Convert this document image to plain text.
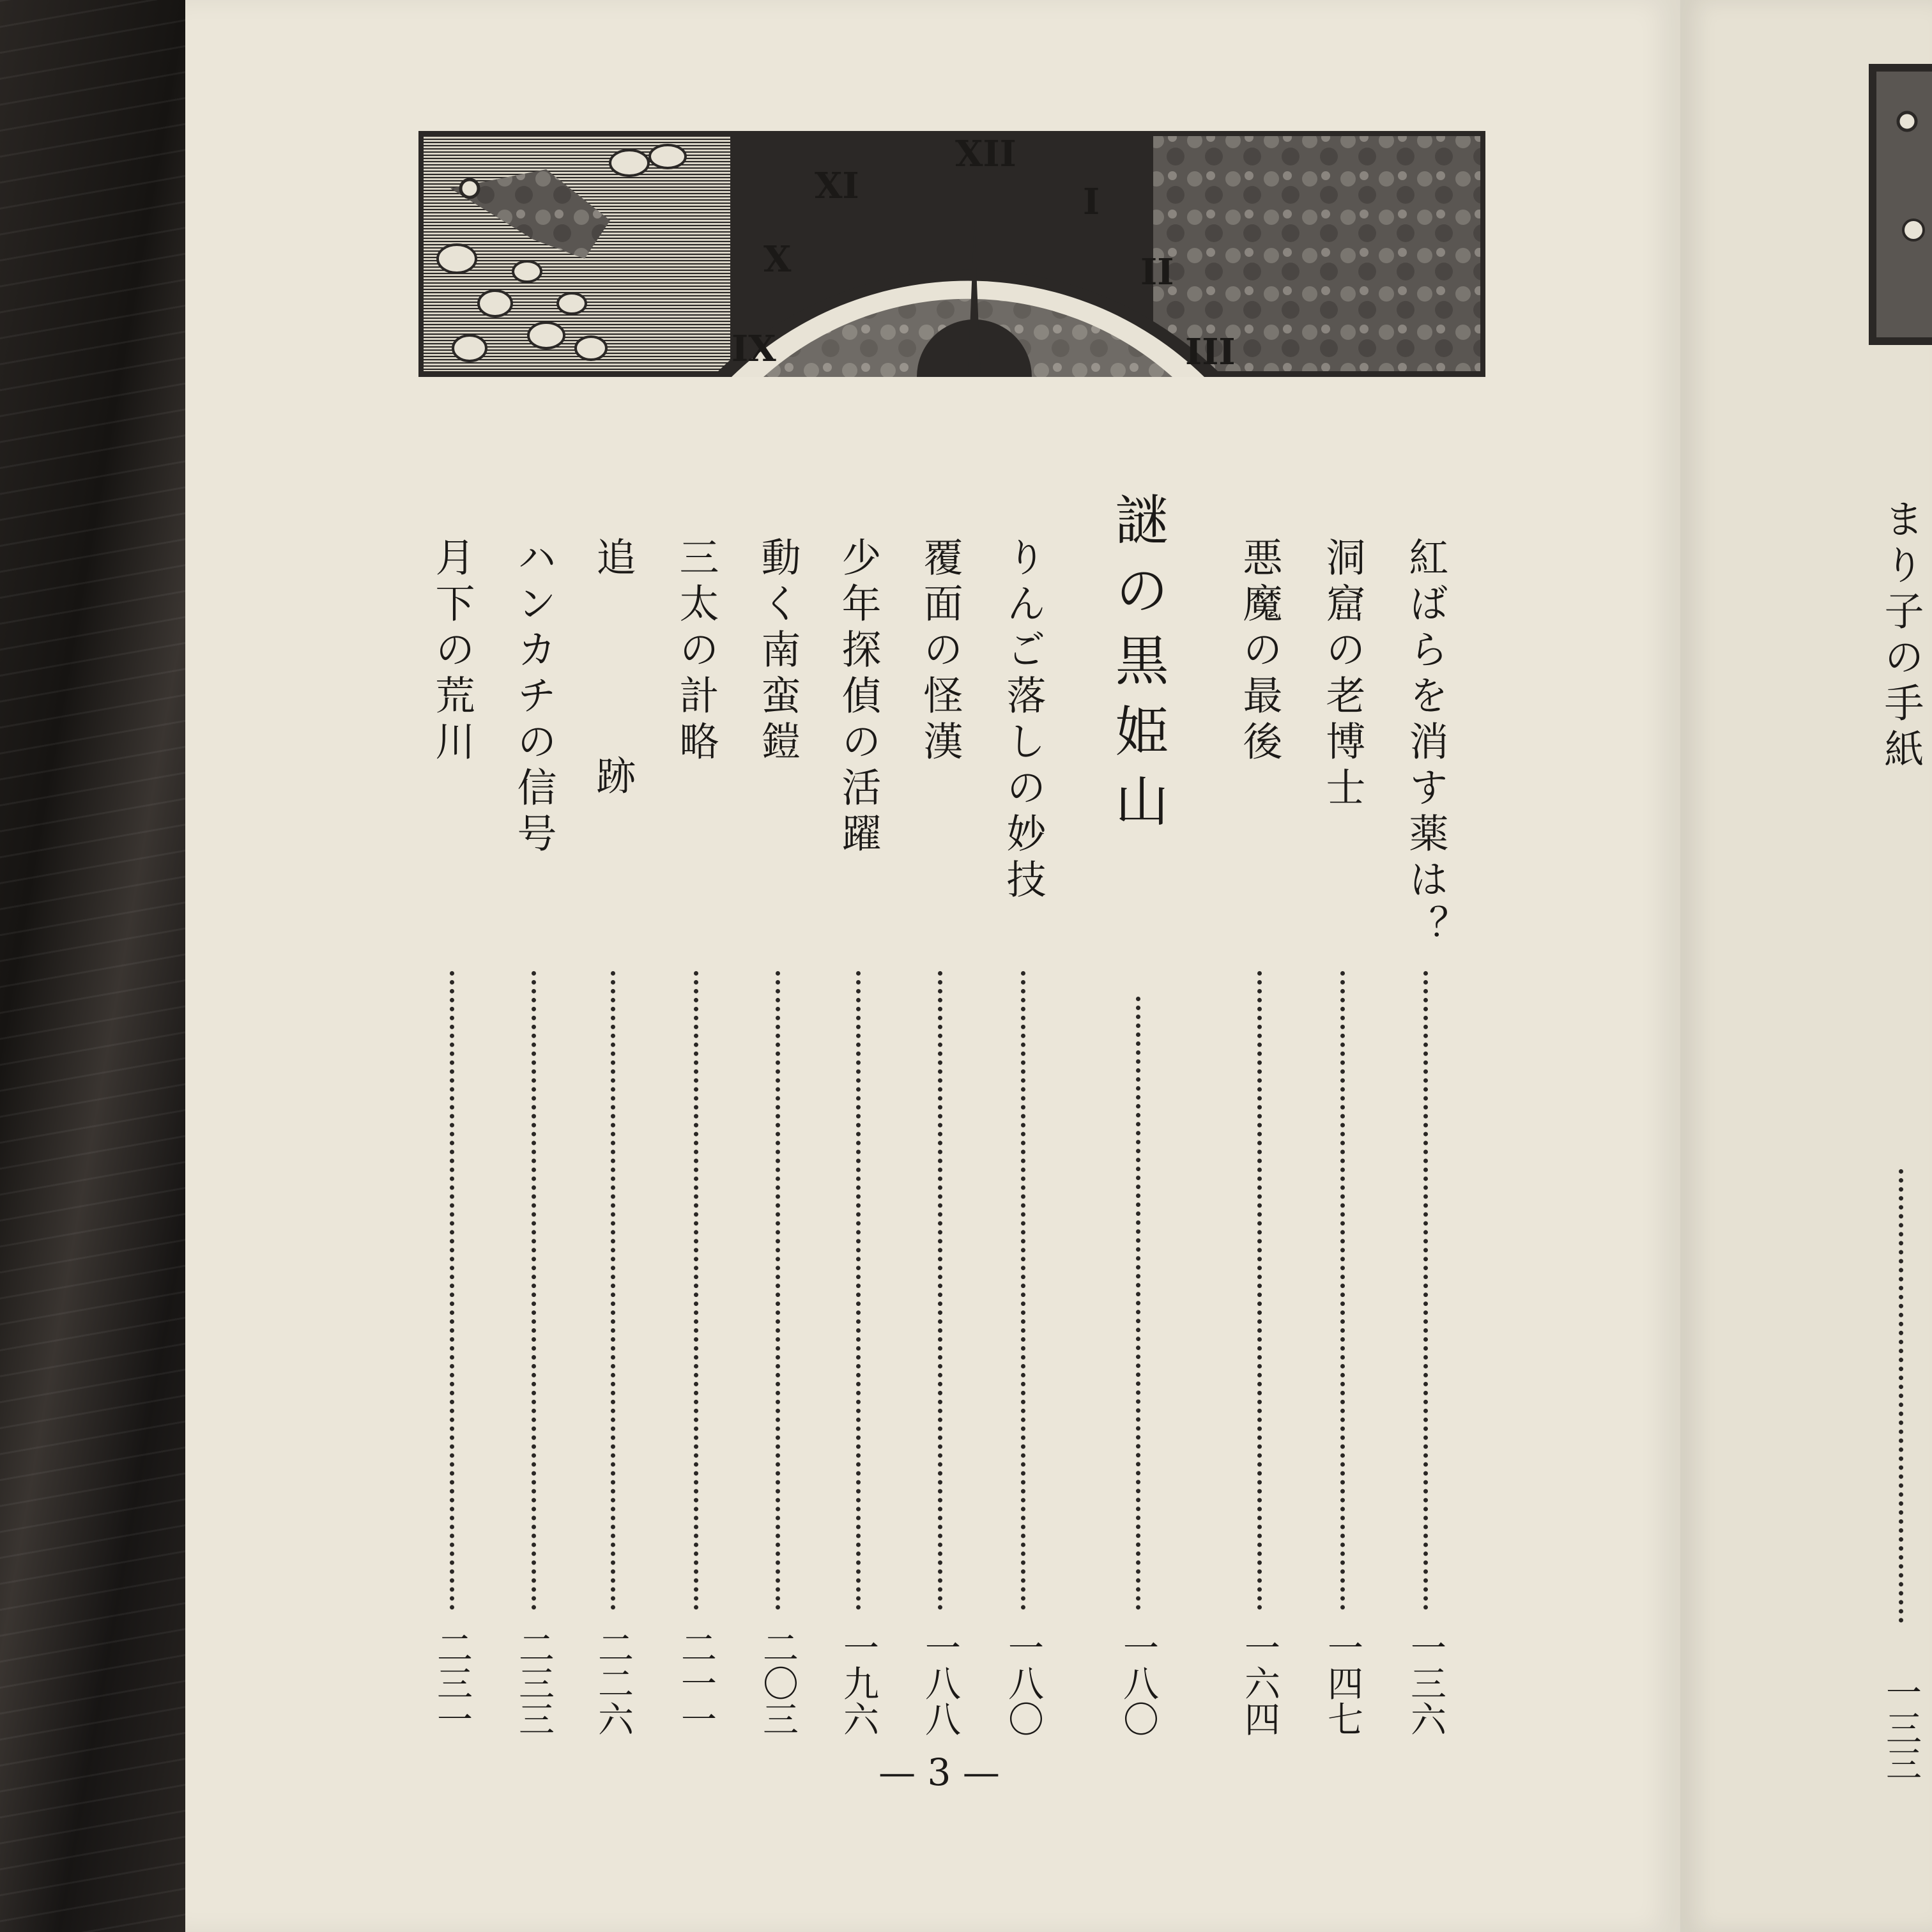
XII
I
II
III
XI
X
IX
紅ばらを消す薬は？
一三六
洞窟の老博士
一四七
悪魔の最後
一六四
謎の黒姫山
一八〇
りんご落しの妙技
一八〇
覆面の怪漢
一八八
少年探偵の活躍
一九六
動く南蛮鎧
二〇三
三太の計略
二一一
追跡
二二六
ハンカチの信号
二三三
月下の荒川
二三一
— 3 —
まり子の手紙
一三三
